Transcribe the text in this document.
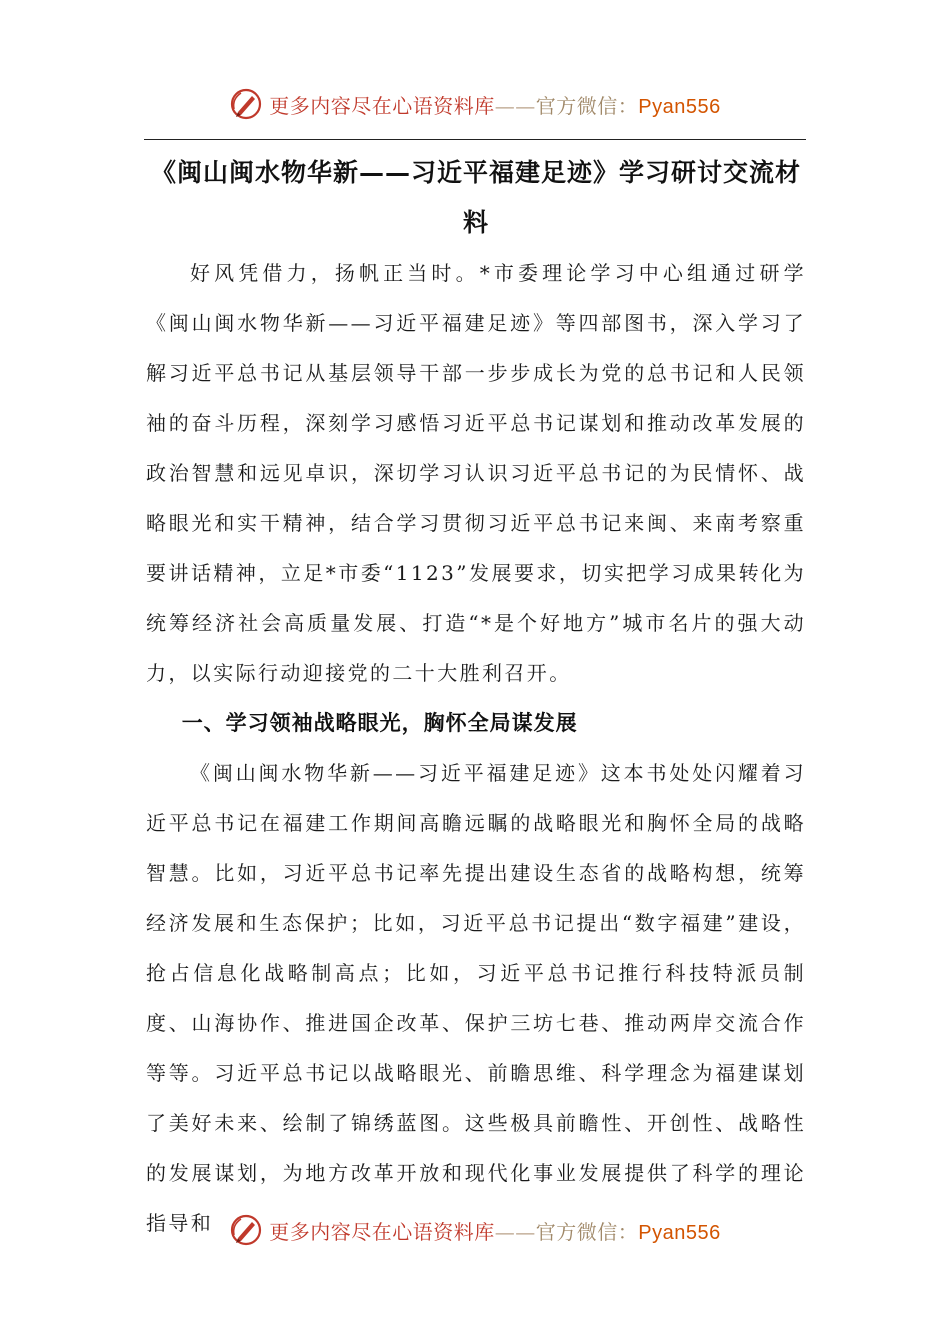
更多内容尽在心语资料库——官方微信：Pyan556
《闽山闽水物华新——习近平福建足迹》学习研讨交流材料

好风凭借力，扬帆正当时。*市委理论学习中心组通过研学《闽山闽水物华新——习近平福建足迹》等四部图书，深入学习了解习近平总书记从基层领导干部一步步成长为党的总书记和人民领袖的奋斗历程，深刻学习感悟习近平总书记谋划和推动改革发展的政治智慧和远见卓识，深切学习认识习近平总书记的为民情怀、战略眼光和实干精神，结合学习贯彻习近平总书记来闽、来南考察重要讲话精神，立足*市委“1123”发展要求，切实把学习成果转化为统筹经济社会高质量发展、打造“*是个好地方”城市名片的强大动力，以实际行动迎接党的二十大胜利召开。

一、学习领袖战略眼光，胸怀全局谋发展

《闽山闽水物华新——习近平福建足迹》这本书处处闪耀着习近平总书记在福建工作期间高瞻远瞩的战略眼光和胸怀全局的战略智慧。比如，习近平总书记率先提出建设生态省的战略构想，统筹经济发展和生态保护；比如，习近平总书记提出“数字福建”建设，抢占信息化战略制高点；比如，习近平总书记推行科技特派员制度、山海协作、推进国企改革、保护三坊七巷、推动两岸交流合作等等。习近平总书记以战略眼光、前瞻思维、科学理念为福建谋划了美好未来、绘制了锦绣蓝图。这些极具前瞻性、开创性、战略性的发展谋划，为地方改革开放和现代化事业发展提供了科学的理论指导和	更多内容尽在心语资料库——官方微信：Pyan556
